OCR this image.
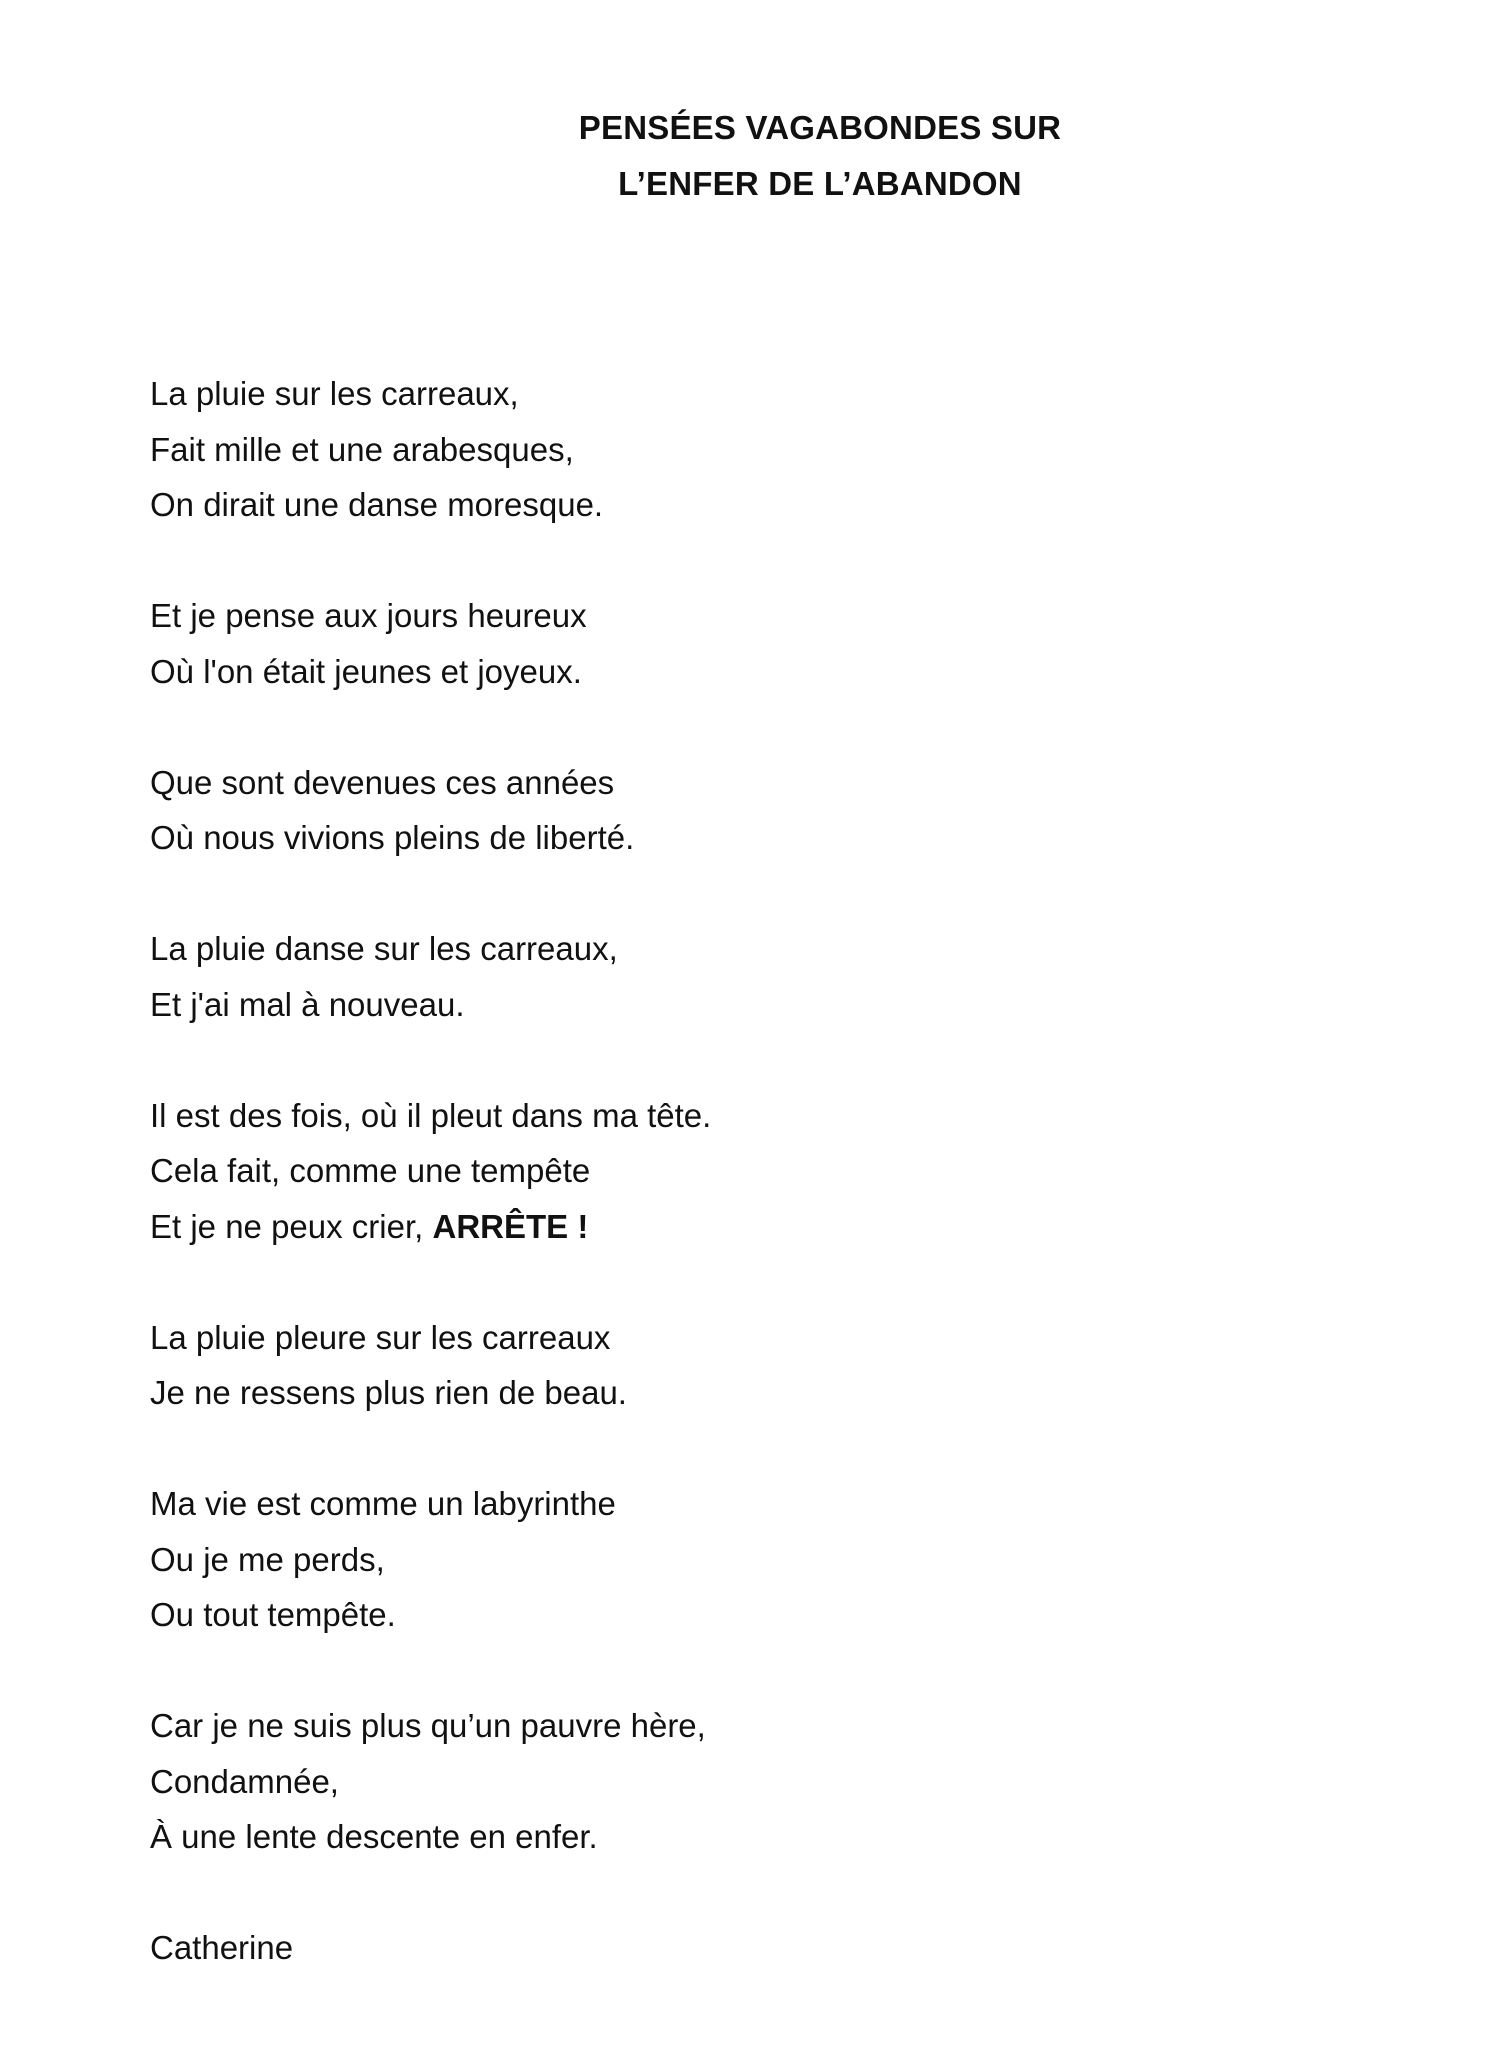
PENSÉES VAGABONDES SUR
L’ENFER DE L’ABANDON
La pluie sur les carreaux,
Fait mille et une arabesques,
On dirait une danse moresque.
Et je pense aux jours heureux
Où l'on était jeunes et joyeux.
Que sont devenues ces années
Où nous vivions pleins de liberté.
La pluie danse sur les carreaux,
Et j'ai mal à nouveau.
Il est des fois, où il pleut dans ma tête.
Cela fait, comme une tempête
Et je ne peux crier, ARRÊTE !
La pluie pleure sur les carreaux
Je ne ressens plus rien de beau.
Ma vie est comme un labyrinthe
Ou je me perds,
Ou tout tempête.
Car je ne suis plus qu’un pauvre hère,
Condamnée,
À une lente descente en enfer.
Catherine
